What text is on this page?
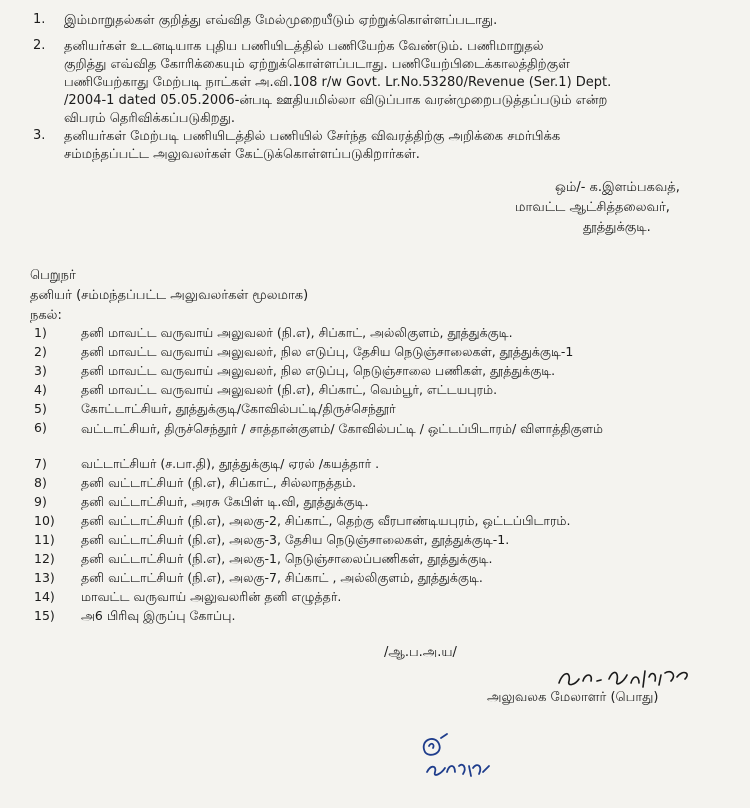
1.	இம்மாறுதல்கள் குறித்து எவ்வித மேல்முறையீடும் ஏற்றுக்கொள்ளப்படாது.
2.	தனியர்கள் உடனடியாக புதிய பணியிடத்தில் பணியேற்க வேண்டும். பணிமாறுதல்
குறித்து எவ்வித கோரிக்கையும் ஏற்றுக்கொள்ளப்படாது. பணியேற்பிடைக்காலத்திற்குள்
பணியேற்காது மேற்படி நாட்கள் அ.வி.108 r/w Govt. Lr.No.53280/Revenue (Ser.1) Dept.
/2004-1 dated 05.05.2006-ன்படி ஊதியமில்லா விடுப்பாக வரன்முறைபடுத்தப்படும் என்ற
விபரம் தெரிவிக்கப்படுகிறது.
3.	தனியர்கள் மேற்படி பணியிடத்தில் பணியில் சேர்ந்த விவரத்திற்கு அறிக்கை சமர்பிக்க
சம்மந்தப்பட்ட அலுவலர்கள் கேட்டுக்கொள்ளப்படுகிறார்கள்.
ஒம்/- க.இளம்பகவத்,
மாவட்ட ஆட்சித்தலைவர்,
தூத்துக்குடி.
பெறுநர்
தனியர் (சம்மந்தப்பட்ட அலுவலர்கள் மூலமாக)
நகல்:
1)	தனி மாவட்ட வருவாய் அலுவலர் (நி.எ), சிப்காட், அல்லிகுளம், தூத்துக்குடி.
2)	தனி மாவட்ட வருவாய் அலுவலர், நில எடுப்பு, தேசிய நெடுஞ்சாலைகள், தூத்துக்குடி-1
3)	தனி மாவட்ட வருவாய் அலுவலர், நில எடுப்பு, நெடுஞ்சாலை பணிகள், தூத்துக்குடி.
4)	தனி மாவட்ட வருவாய் அலுவலர் (நி.எ), சிப்காட், வெம்பூர், எட்டயபுரம்.
5)	கோட்டாட்சியர், தூத்துக்குடி/கோவில்பட்டி/திருச்செந்தூர்
6)	வட்டாட்சியர், திருச்செந்தூர் / சாத்தான்குளம்/ கோவில்பட்டி / ஒட்டப்பிடாரம்/ விளாத்திகுளம்
7)	வட்டாட்சியர் (ச.பா.தி), தூத்துக்குடி/ ஏரல் /கயத்தார் .
8)	தனி வட்டாட்சியர் (நி.எ), சிப்காட், சில்லாநத்தம்.
9)	தனி வட்டாட்சியர், அரசு கேபிள் டி.வி, தூத்துக்குடி.
10)	தனி வட்டாட்சியர் (நி.எ), அலகு-2, சிப்காட், தெற்கு வீரபாண்டியபுரம், ஒட்டப்பிடாரம்.
11)	தனி வட்டாட்சியர் (நி.எ), அலகு-3, தேசிய நெடுஞ்சாலைகள், தூத்துக்குடி-1.
12)	தனி வட்டாட்சியர் (நி.எ), அலகு-1, நெடுஞ்சாலைப்பணிகள், தூத்துக்குடி.
13)	தனி வட்டாட்சியர் (நி.எ), அலகு-7, சிப்காட் , அல்லிகுளம், தூத்துக்குடி.
14)	மாவட்ட வருவாய் அலுவலரின் தனி எழுத்தர்.
15)	அ6 பிரிவு இருப்பு கோப்பு.
/ஆ.ப.அ.ய/
அலுவலக மேலாளர் (பொது)
